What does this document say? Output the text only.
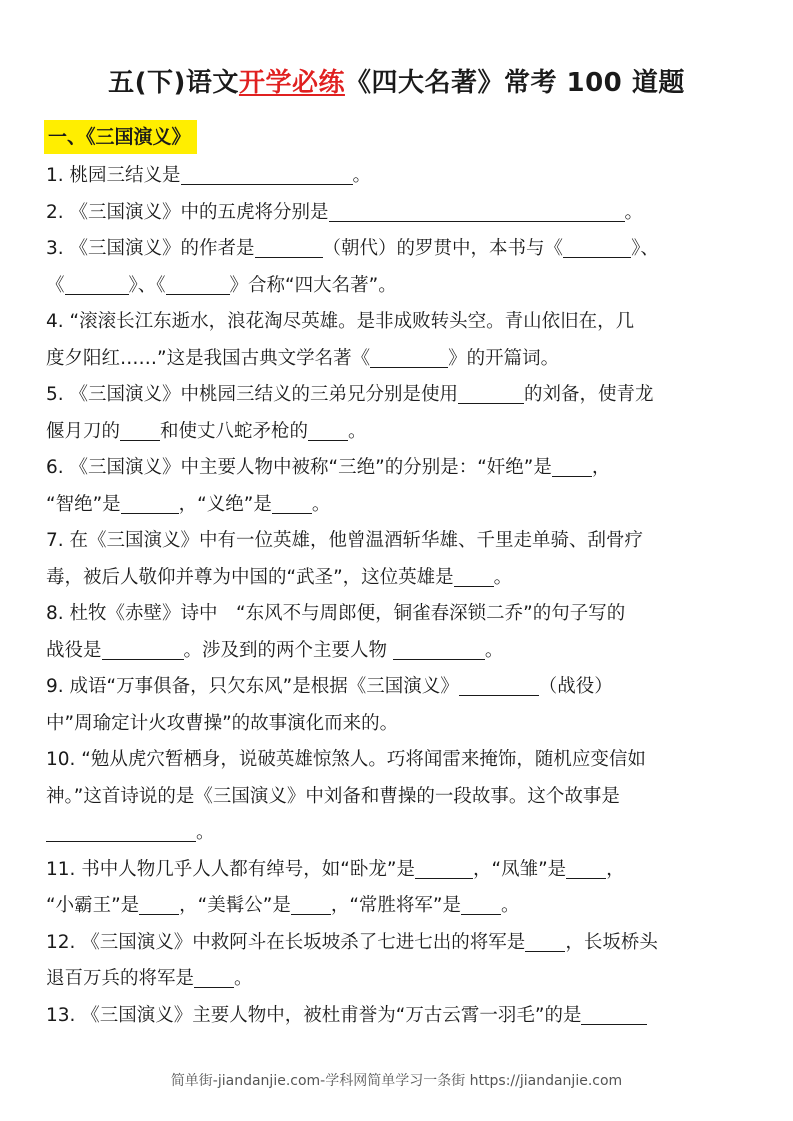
五(下)语文开学必练《四大名著》常考 100 道题
一、《三国演义》
1. 桃园三结义是	。
2. 《三国演义》中的五虎将分别是	。
3. 《三国演义》的作者是	（朝代）的罗贯中，本书与《	》、
《	》、《	》合称“四大名著”。
4. “滚滚长江东逝水，浪花淘尽英雄。是非成败转头空。青山依旧在，几
度夕阳红……”这是我国古典文学名著《	》的开篇词。
5. 《三国演义》中桃园三结义的三弟兄分别是使用	的刘备，使青龙
偃月刀的 和使丈八蛇矛枪的 。
6. 《三国演义》中主要人物中被称“三绝”的分别是：“奸绝”是 ，
“智绝”是	，“义绝”是 。
7. 在《三国演义》中有一位英雄，他曾温酒斩华雄、千里走单骑、刮骨疗
毒，被后人敬仰并尊为中国的“武圣”，这位英雄是 。
8. 杜牧《赤壁》诗中　“东风不与周郎便，铜雀春深锁二乔”的句子写的
战役是	。涉及到的两个主要人物	。
9. 成语“万事俱备，只欠东风”是根据《三国演义》	（战役）
中”周瑜定计火攻曹操”的故事演化而来的。
10. “勉从虎穴暂栖身，说破英雄惊煞人。巧将闻雷来掩饰，随机应变信如
神。”这首诗说的是《三国演义》中刘备和曹操的一段故事。这个故事是
。
11. 书中人物几乎人人都有绰号，如“卧龙”是	，“凤雏”是 ，
“小霸王”是 ，“美髯公”是 ，“常胜将军”是 。
12. 《三国演义》中救阿斗在长坂坡杀了七进七出的将军是 ，长坂桥头
退百万兵的将军是 。
13. 《三国演义》主要人物中，被杜甫誉为“万古云霄一羽毛”的是
简单街-jiandanjie.com-学科网简单学习一条街 https://jiandanjie.com
